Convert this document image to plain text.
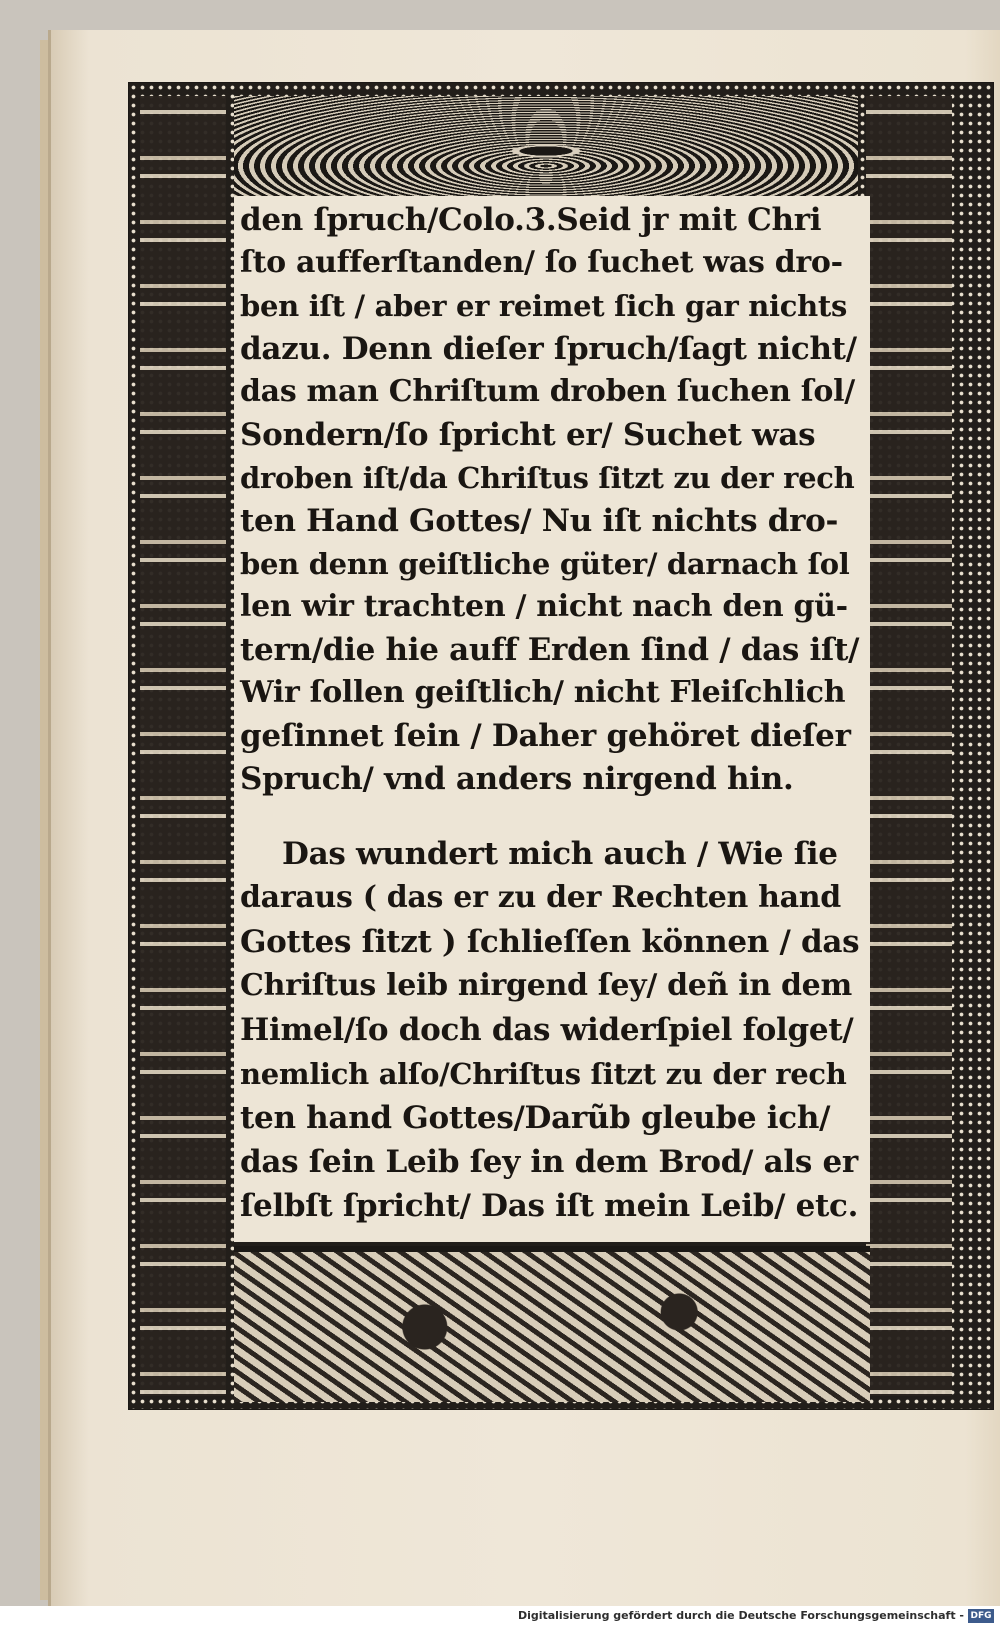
den ſpruch/Colo.3.Seid jr mit Chri
ſto aufferſtanden/ ſo ſuchet was dro-
ben iſt / aber er reimet ſich gar nichts
dazu. Denn dieſer ſpruch/ſagt nicht/
das man Chriſtum droben ſuchen ſol/
Sondern/ſo ſpricht er/ Suchet was
droben iſt/da Chriſtus ſitzt zu der rech
ten Hand Gottes/ Nu iſt nichts dro-
ben denn geiſtliche güter/ darnach ſol
len wir trachten / nicht nach den gü-
tern/die hie auff Erden ſind / das iſt/
Wir ſollen geiſtlich/ nicht Fleiſchlich
geſinnet ſein / Daher gehöret dieſer
Spruch/ vnd anders nirgend hin.
Das wundert mich auch / Wie ſie
daraus ( das er zu der Rechten hand
Gottes ſitzt ) ſchlieſſen können / das
Chriſtus leib nirgend ſey/ deñ in dem
Himel/ſo doch das widerſpiel folget/
nemlich alſo/Chriſtus ſitzt zu der rech
ten hand Gottes/Darũb gleube ich/
das ſein Leib ſey in dem Brod/ als er
ſelbſt ſpricht/ Das iſt mein Leib/ etc.
Digitalisierung gefördert durch die Deutsche Forschungsgemeinschaft - DFG
